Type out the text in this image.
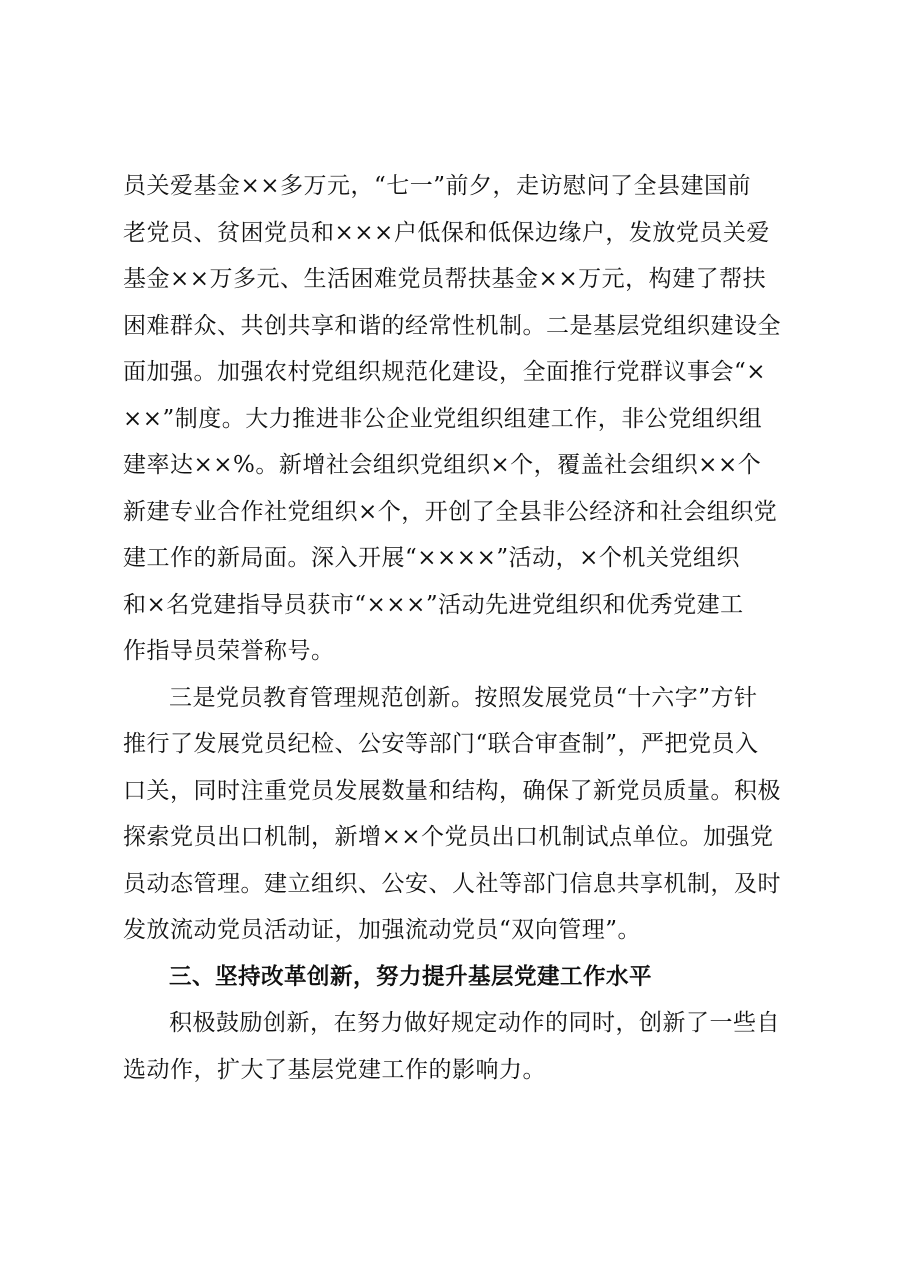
员关爱基金××多万元，“七一”前夕，走访慰问了全县建国前
老党员、贫困党员和×××户低保和低保边缘户，发放党员关爱
基金××万多元、生活困难党员帮扶基金××万元，构建了帮扶
困难群众、共创共享和谐的经常性机制。二是基层党组织建设全
面加强。加强农村党组织规范化建设，全面推行党群议事会“×
××”制度。大力推进非公企业党组织组建工作，非公党组织组
建率达××%。新增社会组织党组织×个，覆盖社会组织××个
新建专业合作社党组织×个，开创了全县非公经济和社会组织党
建工作的新局面。深入开展“××××”活动，×个机关党组织
和×名党建指导员获市“×××”活动先进党组织和优秀党建工
作指导员荣誉称号。
三是党员教育管理规范创新。按照发展党员“十六字”方针
推行了发展党员纪检、公安等部门“联合审查制”，严把党员入
口关，同时注重党员发展数量和结构，确保了新党员质量。积极
探索党员出口机制，新增××个党员出口机制试点单位。加强党
员动态管理。建立组织、公安、人社等部门信息共享机制，及时
发放流动党员活动证，加强流动党员“双向管理”。
三、坚持改革创新，努力提升基层党建工作水平
积极鼓励创新，在努力做好规定动作的同时，创新了一些自
选动作，扩大了基层党建工作的影响力。
